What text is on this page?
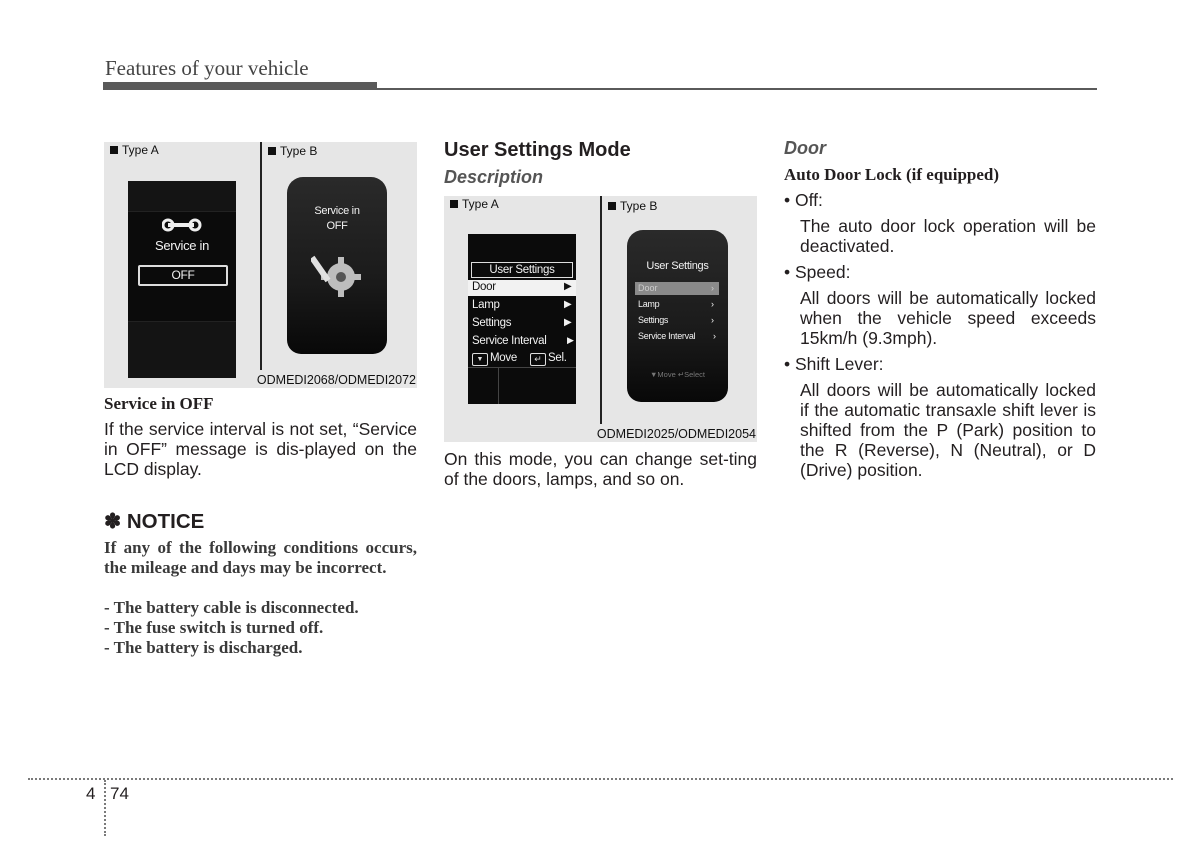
Features of your vehicle
Type A	Type B
Service in
OFF
Service in
OFF
ODMEDI2068/ODMEDI2072
Service in OFF
If the service interval is not set, “Service in OFF” message is dis-played on the LCD display.
✽ NOTICE
If any of the following conditions occurs, the mileage and days may be incorrect.
- The battery cable is disconnected.
- The fuse switch is turned off.
- The battery is discharged.
User Settings Mode
Description
Type A	Type B
User Settings
Door	▶
Lamp	▶
Settings	▶
Service Interval ▶
▼ Move	↵ Sel.
User Settings
Door	›
Lamp	›
Settings	›
Service Interval ›
▼Move ↵Select
ODMEDI2025/ODMEDI2054
On this mode, you can change set-ting of the doors, lamps, and so on.
Door
Auto Door Lock (if equipped)
• Off:
The auto door lock operation will be deactivated.
• Speed:
All doors will be automatically locked when the vehicle speed exceeds 15km/h (9.3mph).
• Shift Lever:
All doors will be automatically locked if the automatic transaxle shift lever is shifted from the P (Park) position to the R (Reverse), N (Neutral), or D (Drive) position.
4 74
